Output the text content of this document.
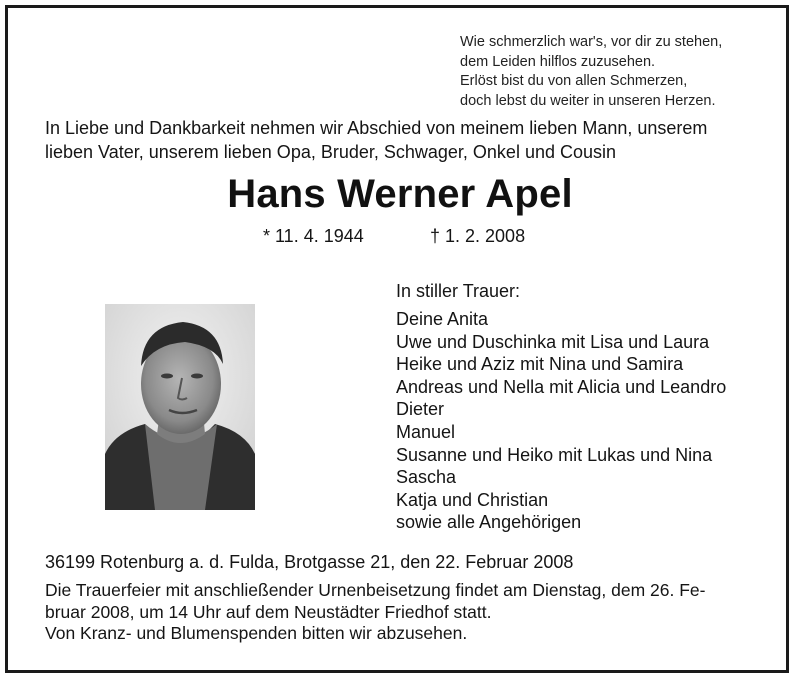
Wie schmerzlich war's, vor dir zu stehen,
dem Leiden hilflos zuzusehen.
Erlöst bist du von allen Schmerzen,
doch lebst du weiter in unseren Herzen.
In Liebe und Dankbarkeit nehmen wir Abschied von meinem lieben Mann, unserem
lieben Vater, unserem lieben Opa, Bruder, Schwager, Onkel und Cousin
Hans Werner Apel
* 11. 4. 1944	† 1. 2. 2008
In stiller Trauer:
Deine Anita
Uwe und Duschinka mit Lisa und Laura
Heike und Aziz mit Nina und Samira
Andreas und Nella mit Alicia und Leandro
Dieter
Manuel
Susanne und Heiko mit Lukas und Nina
Sascha
Katja und Christian
sowie alle Angehörigen
36199 Rotenburg a. d. Fulda, Brotgasse 21, den 22. Februar 2008
Die Trauerfeier mit anschließender Urnenbeisetzung findet am Dienstag, dem 26. Fe-
bruar 2008, um 14 Uhr auf dem Neustädter Friedhof statt.
Von Kranz- und Blumenspenden bitten wir abzusehen.
